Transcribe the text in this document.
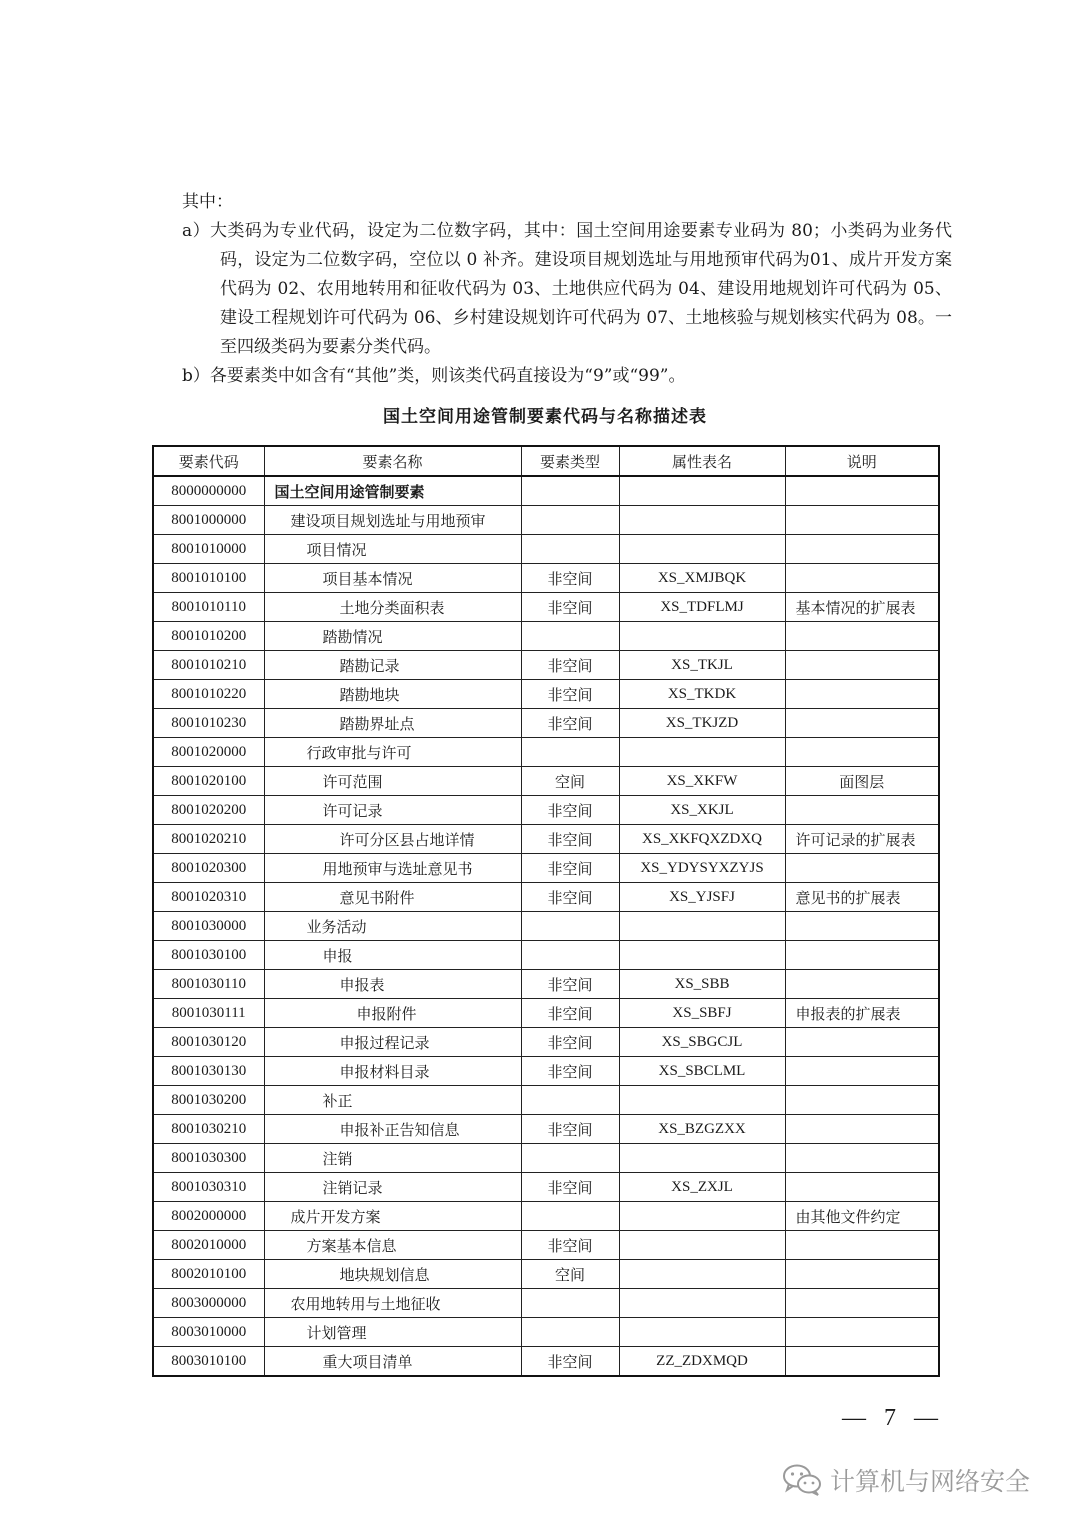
其中：

a）大类码为专业代码，设定为二位数字码，其中：国土空间用途要素专业码为 80；小类码为业务代码，设定为二位数字码，空位以 0 补齐。建设项目规划选址与用地预审代码为01、成片开发方案代码为 02、农用地转用和征收代码为 03、土地供应代码为 04、建设用地规划许可代码为 05、建设工程规划许可代码为 06、乡村建设规划许可代码为 07、土地核验与规划核实代码为 08。一至四级类码为要素分类代码。

b）各要素类中如含有“其他”类，则该类代码直接设为“9”或“99”。

国土空间用途管制要素代码与名称描述表
要素代码	要素名称	要素类型	属性表名	说明
8000000000	国土空间用途管制要素			
8001000000	建设项目规划选址与用地预审			
8001010000	项目情况			
8001010100	项目基本情况	非空间	XS_XMJBQK	
8001010110	土地分类面积表	非空间	XS_TDFLMJ	基本情况的扩展表
8001010200	踏勘情况			
8001010210	踏勘记录	非空间	XS_TKJL	
8001010220	踏勘地块	非空间	XS_TKDK	
8001010230	踏勘界址点	非空间	XS_TKJZD	
8001020000	行政审批与许可			
8001020100	许可范围	空间	XS_XKFW	面图层
8001020200	许可记录	非空间	XS_XKJL	
8001020210	许可分区县占地详情	非空间	XS_XKFQXZDXQ	许可记录的扩展表
8001020300	用地预审与选址意见书	非空间	XS_YDYSYXZYJS	
8001020310	意见书附件	非空间	XS_YJSFJ	意见书的扩展表
8001030000	业务活动			
8001030100	申报			
8001030110	申报表	非空间	XS_SBB	
8001030111	申报附件	非空间	XS_SBFJ	申报表的扩展表
8001030120	申报过程记录	非空间	XS_SBGCJL	
8001030130	申报材料目录	非空间	XS_SBCLML	
8001030200	补正			
8001030210	申报补正告知信息	非空间	XS_BZGZXX	
8001030300	注销			
8001030310	注销记录	非空间	XS_ZXJL	
8002000000	成片开发方案			由其他文件约定
8002010000	方案基本信息	非空间		
8002010100	地块规划信息	空间		
8003000000	农用地转用与土地征收			
8003010000	计划管理			
8003010100	重大项目清单	非空间	ZZ_ZDXMQD	
— 7 —
计算机与网络安全
